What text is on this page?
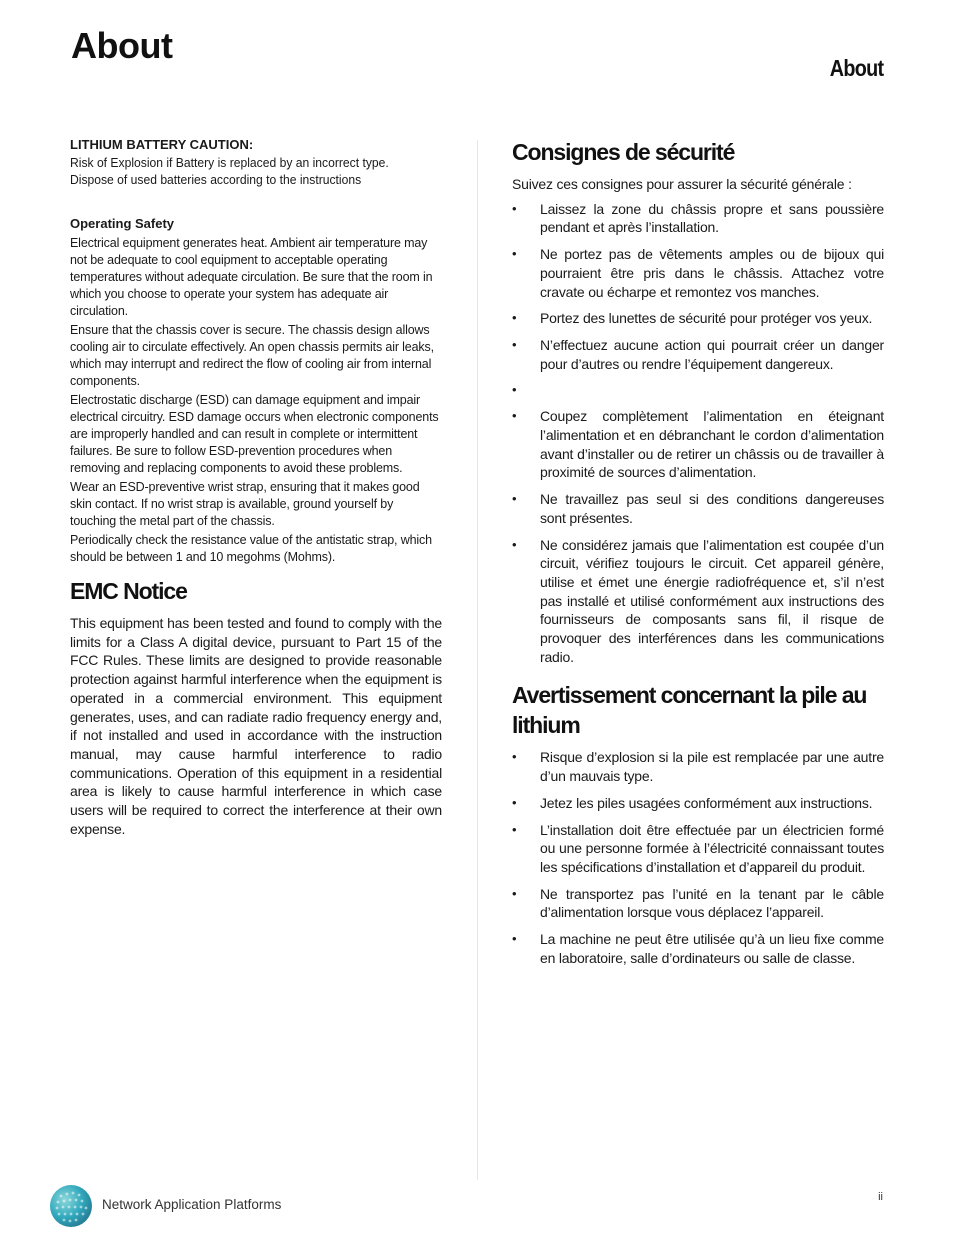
About
About

LITHIUM BATTERY CAUTION:

Risk of Explosion if Battery is replaced by an incorrect type. Dispose of used batteries according to the instructions

Operating Safety

Electrical equipment generates heat. Ambient air temperature may not be adequate to cool equipment to acceptable operating temperatures without adequate circulation. Be sure that the room in which you choose to operate your system has adequate air circulation.

Ensure that the chassis cover is secure. The chassis design allows cooling air to circulate effectively. An open chassis permits air leaks, which may interrupt and redirect the flow of cooling air from internal components.

Electrostatic discharge (ESD) can damage equipment and impair electrical circuitry. ESD damage occurs when electronic components are improperly handled and can result in complete or intermittent failures. Be sure to follow ESD-prevention procedures when removing and replacing components to avoid these problems.

Wear an ESD-preventive wrist strap, ensuring that it makes good skin contact. If no wrist strap is available, ground yourself by touching the metal part of the chassis.

Periodically check the resistance value of the antistatic strap, which should be between 1 and 10 megohms (Mohms).

EMC Notice

This equipment has been tested and found to comply with the limits for a Class A digital device, pursuant to Part 15 of the FCC Rules. These limits are designed to provide reasonable protection against harmful interference when the equipment is operated in a commercial environment. This equipment generates, uses, and can radiate radio frequency energy and, if not installed and used in accordance with the instruction manual, may cause harmful interference to radio communications. Operation of this equipment in a residential area is likely to cause harmful interference in which case users will be required to correct the interference at their own expense.

Consignes de sécurité

Suivez ces consignes pour assurer la sécurité générale :

• Laissez la zone du châssis propre et sans poussière pendant et après l’installation.
• Ne portez pas de vêtements amples ou de bijoux qui pourraient être pris dans le châssis. Attachez votre cravate ou écharpe et remontez vos manches.
• Portez des lunettes de sécurité pour protéger vos yeux.
• N’effectuez aucune action qui pourrait créer un danger pour d’autres ou rendre l’équipement dangereux.
•
• Coupez complètement l’alimentation en éteignant l’alimentation et en débranchant le cordon d’alimentation avant d’installer ou de retirer un châssis ou de travailler à proximité de sources d’alimentation.
• Ne travaillez pas seul si des conditions dangereuses sont présentes.
• Ne considérez jamais que l’alimentation est coupée d’un circuit, vérifiez toujours le circuit. Cet appareil génère, utilise et émet une énergie radiofréquence et, s’il n’est pas installé et utilisé conformément aux instructions des fournisseurs de composants sans fil, il risque de provoquer des interférences dans les communications radio.
Avertissement concernant la pile au lithium
• Risque d’explosion si la pile est remplacée par une autre d’un mauvais type.
• Jetez les piles usagées conformément aux instructions.
• L’installation doit être effectuée par un électricien formé ou une personne formée à l’électricité connaissant toutes les spécifications d’installation et d’appareil du produit.
• Ne transportez pas l’unité en la tenant par le câble d’alimentation lorsque vous déplacez l’appareil.
• La machine ne peut être utilisée qu’à un lieu fixe comme en laboratoire, salle d’ordinateurs ou salle de classe.
Network Application Platforms	ii
